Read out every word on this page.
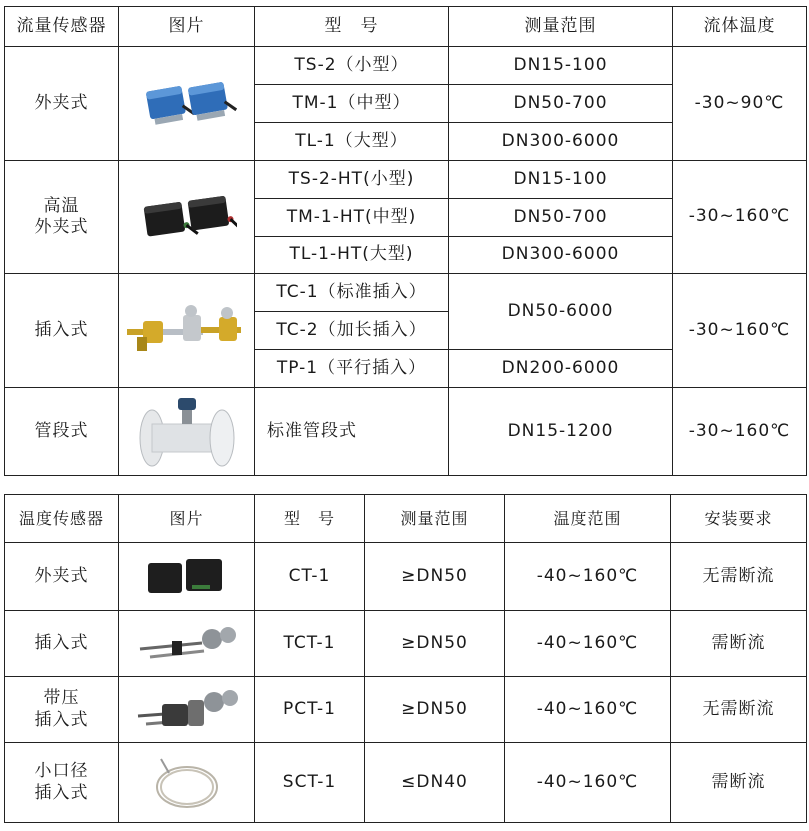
流量传感器	图片	型　号	测量范围	流体温度
外夹式		TS-2（小型）	DN15-100	-30~90℃
		TM-1（中型）	DN50-700	
		TL-1（大型）	DN300-6000	

高温
外夹式		TS-2-HT(小型)	DN15-100	-30~160℃
		TM-1-HT(中型)	DN50-700	
		TL-1-HT(大型)	DN300-6000	
插入式		TC-1（标准插入）	DN50-6000	-30~160℃
		TC-2（加长插入）		
		TP-1（平行插入）	DN200-6000	
管段式		标准管段式	DN15-1200	-30~160℃
温度传感器	图片	型　号	测量范围	温度范围	安装要求
外夹式		CT-1	≥DN50	-40~160℃	无需断流
插入式		TCT-1	≥DN50	-40~160℃	需断流

带压
插入式		PCT-1	≥DN50	-40~160℃	无需断流

小口径
插入式		SCT-1	≤DN40	-40~160℃	需断流
